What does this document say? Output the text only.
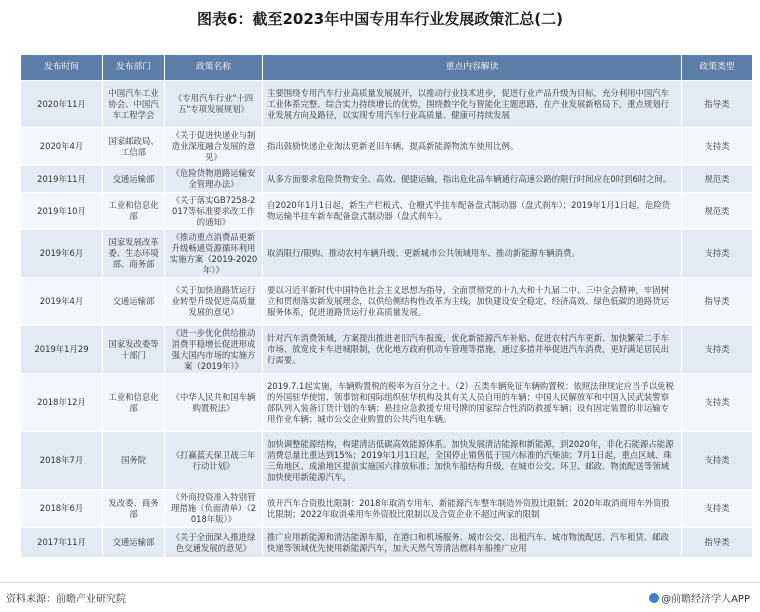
图表6：截至2023年中国专用车行业发展政策汇总(二)
发布时间	发布部门	政策名称	重点内容解读	政策类型
2020年11月	中国汽车工业协会、中国汽车工程学会	《专用汽车行业"十四五"专项发展规划》	主要围绕专用汽车行业高质量发展展开，以推动行业技术进步，促进行业产品升级为目标，充分利用中国汽车工业体系完整、综合实力持续增长的优势，围绕数字化与智能化主题思路，在产业发展新格局下，重点规划行业发展方向及路径，以实现专用汽车行业高质量、健康可持续发展	指导类
2020年4月	国家邮政局、工信部	《关于促进快递业与制造业深度融合发展的意见》	指出鼓励快递企业淘汰更新老旧车辆，提高新能源物流车使用比例。	支持类
2019年11月	交通运输部	《危险货物道路运输安全管理办法》	从多方面要求危险货物安全、高效、便捷运输，指出危化品车辆通行高速公路的限行时间应在0时到6时之间。	规范类
2019年10月	工业和信息化部	《关于落实GB7258-2017等标准要求改工作的通知》	自2020年1月1日起，新生产栏板式、仓栅式半挂车配备盘式制动器（盘式刹车）；2019年1月1日起，危险货物运输半挂车新车配备盘式制动器（盘式刹车）。	规范类
2019年6月	国家发展改革委、生态环境部、商务部	《推动重点消费品更新升级畅通资源循环利用实施方案（2019-2020年）》	取消限行/限购、推动农村车辆升级、更新城市公共领域用车、推动新能源车辆消费。	支持类
2019年4月	交通运输部	《关于加快道路货运行业转型升级促进高质量发展的意见》	要以习近平新时代中国特色社会主义思想为指导，全面贯彻党的十九大和十九届二中、三中全会精神，牢固树立和贯彻落实新发展理念，以供给侧结构性改革为主线，加快建设安全稳定、经济高效、绿色低碳的道路货运服务体系，促进道路货运行业高质量发展。	指导类
2019年1月29	国家发改委等十部门	《进一步优化供给推动消费平稳增长促进形成强大国内市场的实施方案（2019年）》	针对汽车消费领域，方案提出推进老旧汽车报废，优化新能源汽车补贴、促进农村汽车更新、加快繁荣二手车市场、放宽皮卡车进城限制，优化地方政府机动车管理等措施，通过多措并举促进汽车消费，更好满足居民出行需要。	支持类
2018年12月	工业和信息化部	《中华人民共和国车辆购置税法》	2019.7.1起实施，车辆购置税的税率为百分之十。（2）五类车辆免征车辆购置税：依照法律规定应当予以免税的外国驻华使馆、领事馆和国际组织驻华机构及其有关人员自用的车辆；中国人民解放军和中国人民武装警察部队列入装备订货计划的车辆；悬挂应急救援专用号牌的国家综合性消防救援车辆；设有固定装置的非运输专用作业车辆；城市公交企业购置的公共汽电车辆。	支持类
2018年7月	国务院	《打赢蓝天保卫战三年行动计划》	加快调整能源结构，构建清洁低碳高效能源体系。加快发展清洁能源和新能源，到2020年，非化石能源占能源消费总量比重达到15%；2019年1月1日起，全国停止销售低于国六标准的汽柴油；7月1日起，重点区域、珠三角地区、成渝地区提前实施国六排放标准；加快车船结构升级，在城市公交、环卫、邮政、物流配送等领域加快使用新能源汽车。	支持类
2018年6月	发改委、商务部	《外商投资准入特别管理措施（负面清单）（2018年版）》	放开汽车合资股比限制：2018年取消专用车、新能源汽车整车制造外资股比限制；2020年取消商用车外资股比限制；2022年取消乘用车外资股比限制以及合资企业不超过两家的限制	支持类
2017年11月	交通运输部	《关于全面深入推进绿色交通发展的意见》	推广应用新能源和清洁能源车船，在港口和机场服务、城市公交、出租汽车、城市物流配送、汽车租赁、邮政快递等领域优先使用新能源汽车，加大天然气等清洁燃料车船推广应用	指导类
资料来源：前瞻产业研究院	@前瞻经济学人APP
